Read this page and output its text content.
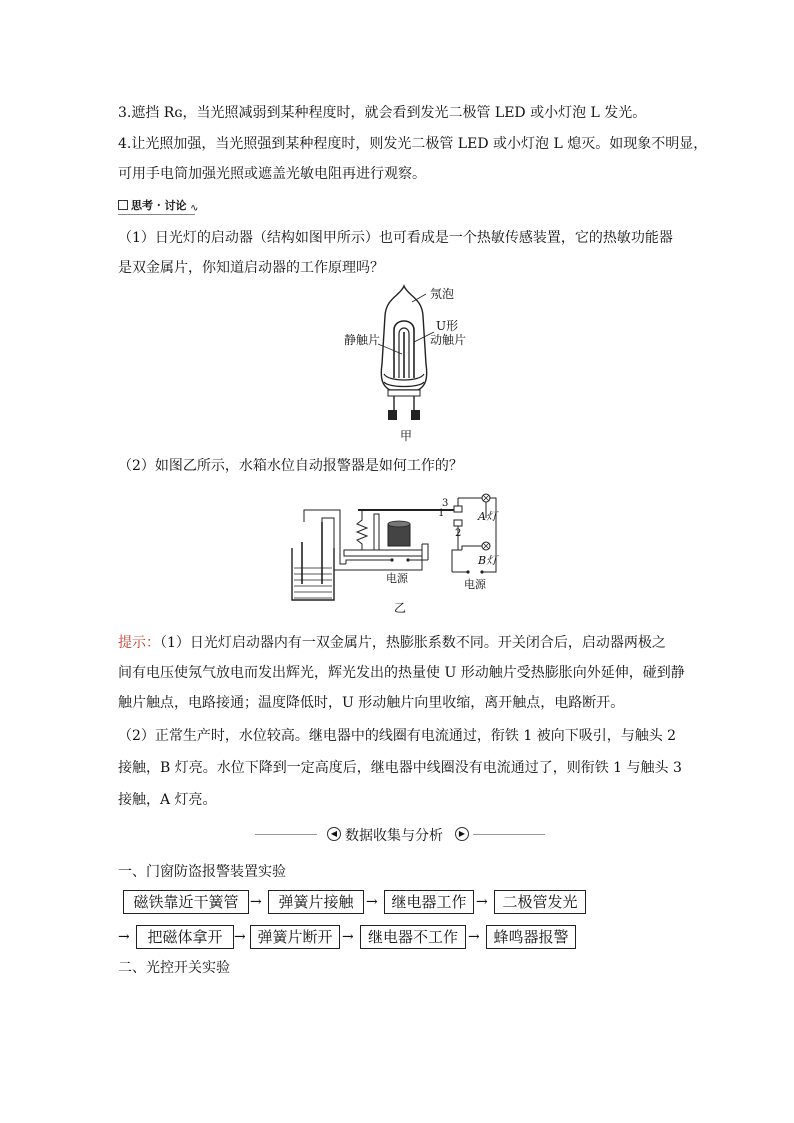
3.遮挡 Rɢ，当光照减弱到某种程度时，就会看到发光二极管 LED 或小灯泡 L 发光。
4.让光照加强，当光照强到某种程度时，则发光二极管 LED 或小灯泡 L 熄灭。如现象不明显，
可用手电筒加强光照或遮盖光敏电阻再进行观察。
思考 · 讨论 ∿
（1）日光灯的启动器（结构如图甲所示）也可看成是一个热敏传感装置，它的热敏功能器
是双金属片，你知道启动器的工作原理吗？
氖泡
静触片
U形
动触片
甲
（2）如图乙所示，水箱水位自动报警器是如何工作的？
电源
3
1
2
A灯
B灯
电源
乙
提示：（1）日光灯启动器内有一双金属片，热膨胀系数不同。开关闭合后，启动器两极之
间有电压使氖气放电而发出辉光，辉光发出的热量使 U 形动触片受热膨胀向外延伸，碰到静
触片触点，电路接通；温度降低时，U 形动触片向里收缩，离开触点，电路断开。
（2）正常生产时，水位较高。继电器中的线圈有电流通过，衔铁 1 被向下吸引，与触头 2
接触，B 灯亮。水位下降到一定高度后，继电器中线圈没有电流通过了，则衔铁 1 与触头 3
接触，A 灯亮。
◀ 数据收集与分析	▶
一、门窗防盗报警装置实验
磁铁靠近干簧管 →	弹簧片接触 → 继电器工作 → 二极管发光
→	把磁体拿开 → 弹簧片断开 → 继电器不工作 → 蜂鸣器报警
二、光控开关实验
